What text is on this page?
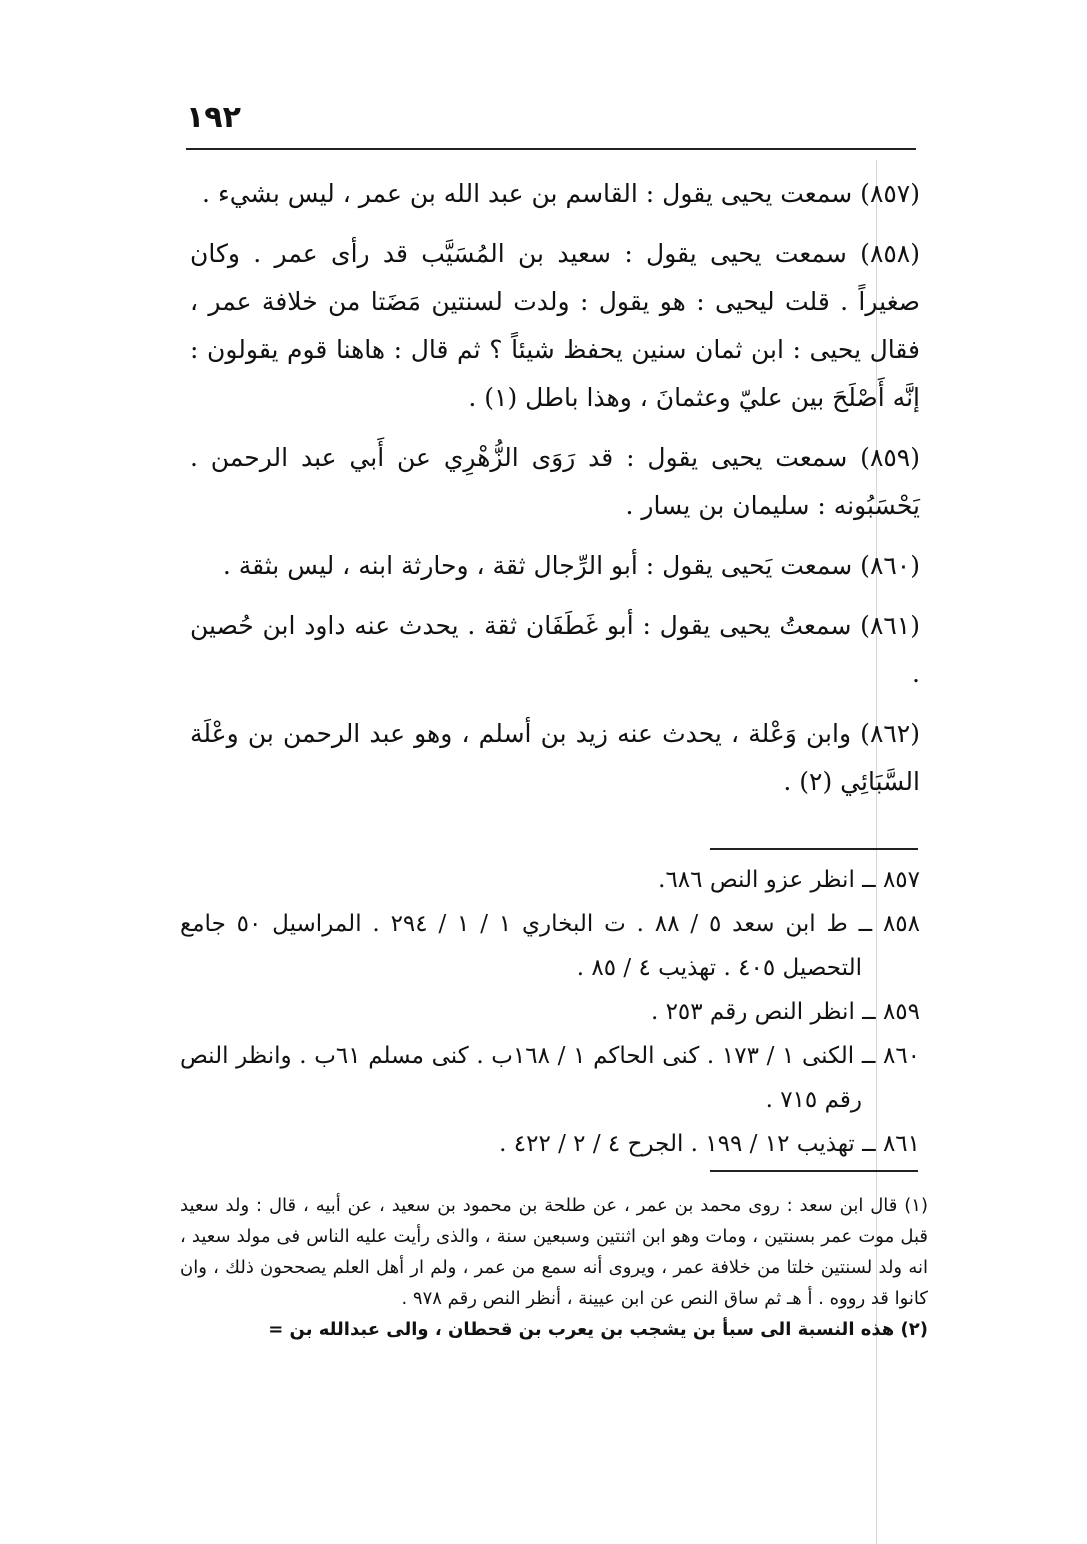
١٩٢

(٨٥٧) سمعت يحيى يقول : القاسم بن عبد الله بن عمر ، ليس بشيء .

(٨٥٨) سمعت يحيى يقول : سعيد بن المُسَيَّب قد رأى عمر . وكان صغيراً . قلت ليحيى : هو يقول : ولدت لسنتين مَضَتا من خلافة عمر ، فقال يحيى : ابن ثمان سنين يحفظ شيئاً ؟ ثم قال : هاهنا قوم يقولون : إنَّه أَصْلَحَ بين عليّ وعثمانَ ، وهذا باطل (١) .

(٨٥٩) سمعت يحيى يقول : قد رَوَى الزُّهْرِي عن أَبي عبد الرحمن . يَحْسَبُونه : سليمان بن يسار .

(٨٦٠) سمعت يَحيى يقول : أبو الرِّجال ثقة ، وحارثة ابنه ، ليس بثقة .

(٨٦١) سمعتُ يحيى يقول : أبو غَطَفَان ثقة . يحدث عنه داود ابن حُصين .

(٨٦٢) وابن وَعْلة ، يحدث عنه زيد بن أسلم ، وهو عبد الرحمن بن وعْلَة السَّبَائِي (٢) .

٨٥٧ ــ انظر عزو النص ٦٨٦.

٨٥٨ ــ ط ابن سعد ٥ / ٨٨ . ت البخاري ١ / ١ / ٢٩٤ . المراسيل ٥٠ جامع التحصيل ٤٠٥ . تهذيب ٤ / ٨٥ .

٨٥٩ ــ انظر النص رقم ٢٥٣ .

٨٦٠ ــ الكنى ١ / ١٧٣ . كنى الحاكم ١ / ١٦٨ب . كنى مسلم ٦١ب . وانظر النص رقم ٧١٥ .

٨٦١ ــ تهذيب ١٢ / ١٩٩ . الجرح ٤ / ٢ / ٤٢٢ .

(١) قال ابن سعد : روى محمد بن عمر ، عن طلحة بن محمود بن سعيد ، عن أبيه ، قال : ولد سعيد قبل موت عمر بسنتين ، ومات وهو ابن اثنتين وسبعين سنة ، والذى رأيت عليه الناس فى مولد سعيد ، انه ولد لسنتين خلتا من خلافة عمر ، ويروى أنه سمع من عمر ، ولم ار أهل العلم يصححون ذلك ، وان كانوا قد رووه . أ هـ ثم ساق النص عن ابن عيينة ، أنظر النص رقم ٩٧٨ .

(٢) هذه النسبة الى سبأ بن يشجب بن يعرب بن قحطان ، والى عبدالله بن =
